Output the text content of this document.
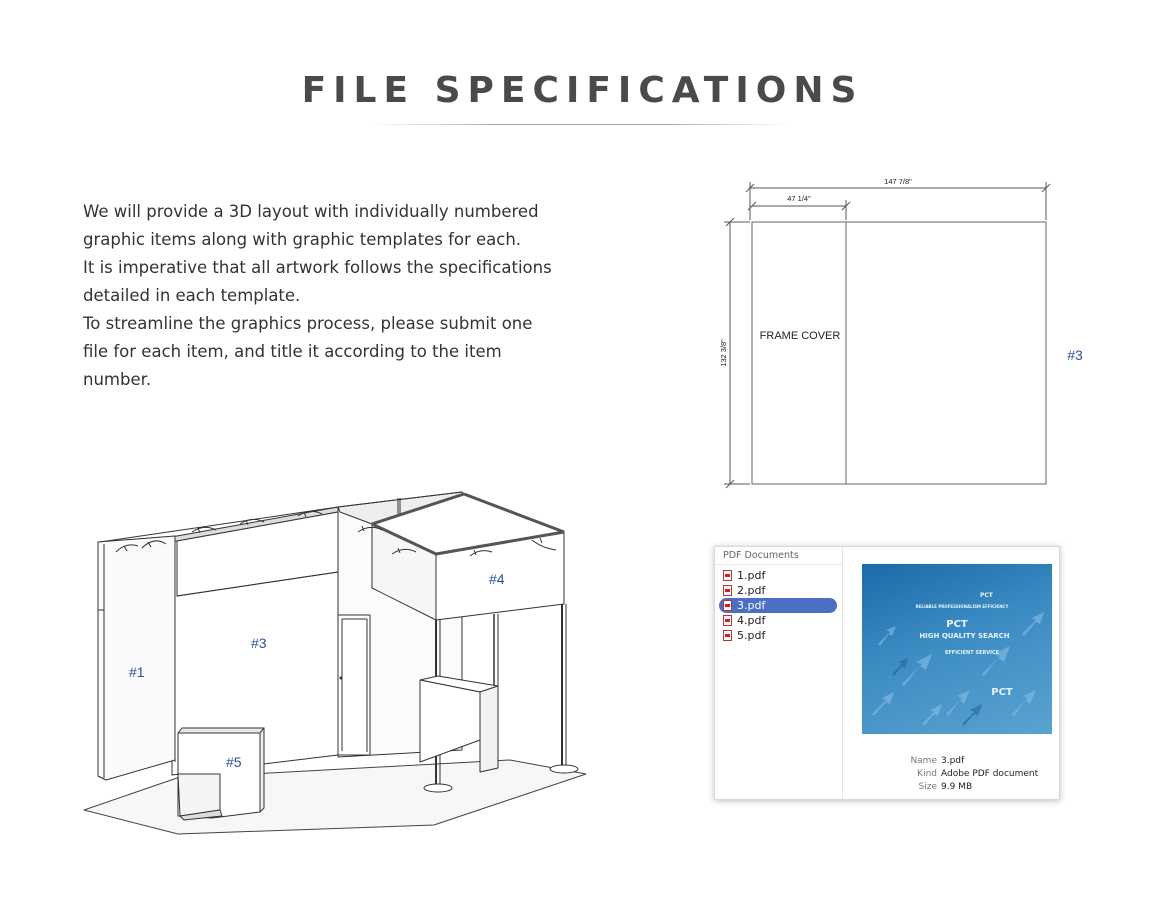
FILE SPECIFICATIONS

We will provide a 3D layout with individually numbered graphic items along with graphic templates for each.

It is imperative that all artwork follows the specifications detailed in each template.

To streamline the graphics process, please submit one file for each item, and title it according to the item number.

147 7/8"
47 1/4"
132 3/8"
FRAME COVER
#3
#1
#3
#4
#5
PDF Documents
1.pdf
2.pdf
3.pdf
4.pdf
5.pdf
PCT
RELIABLE PROFESSIONALISM EFFICIENCY
PCT
HIGH QUALITY SEARCH
EFFICIENT SERVICE
PCT
Name 3.pdf
Kind Adobe PDF document
Size 9.9 MB
